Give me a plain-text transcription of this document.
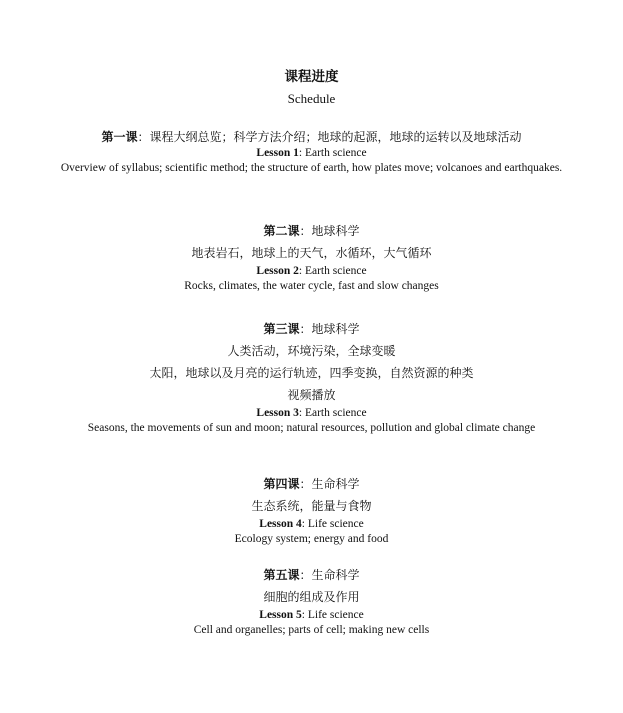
课程进度
Schedule
第一课：课程大纲总览；科学方法介绍；地球的起源，地球的运转以及地球活动
Lesson 1: Earth science
Overview of syllabus; scientific method; the structure of earth, how plates move; volcanoes and earthquakes.
第二课：地球科学
地表岩石，地球上的天气，水循环，大气循环
Lesson 2: Earth science
Rocks, climates, the water cycle, fast and slow changes
第三课：地球科学
人类活动，环境污染，全球变暖
太阳，地球以及月亮的运行轨迹，四季变换，自然资源的种类
视频播放
Lesson 3: Earth science
Seasons, the movements of sun and moon; natural resources, pollution and global climate change
第四课：生命科学
生态系统，能量与食物
Lesson 4: Life science
Ecology system; energy and food
第五课：生命科学
细胞的组成及作用
Lesson 5: Life science
Cell and organelles; parts of cell; making new cells
